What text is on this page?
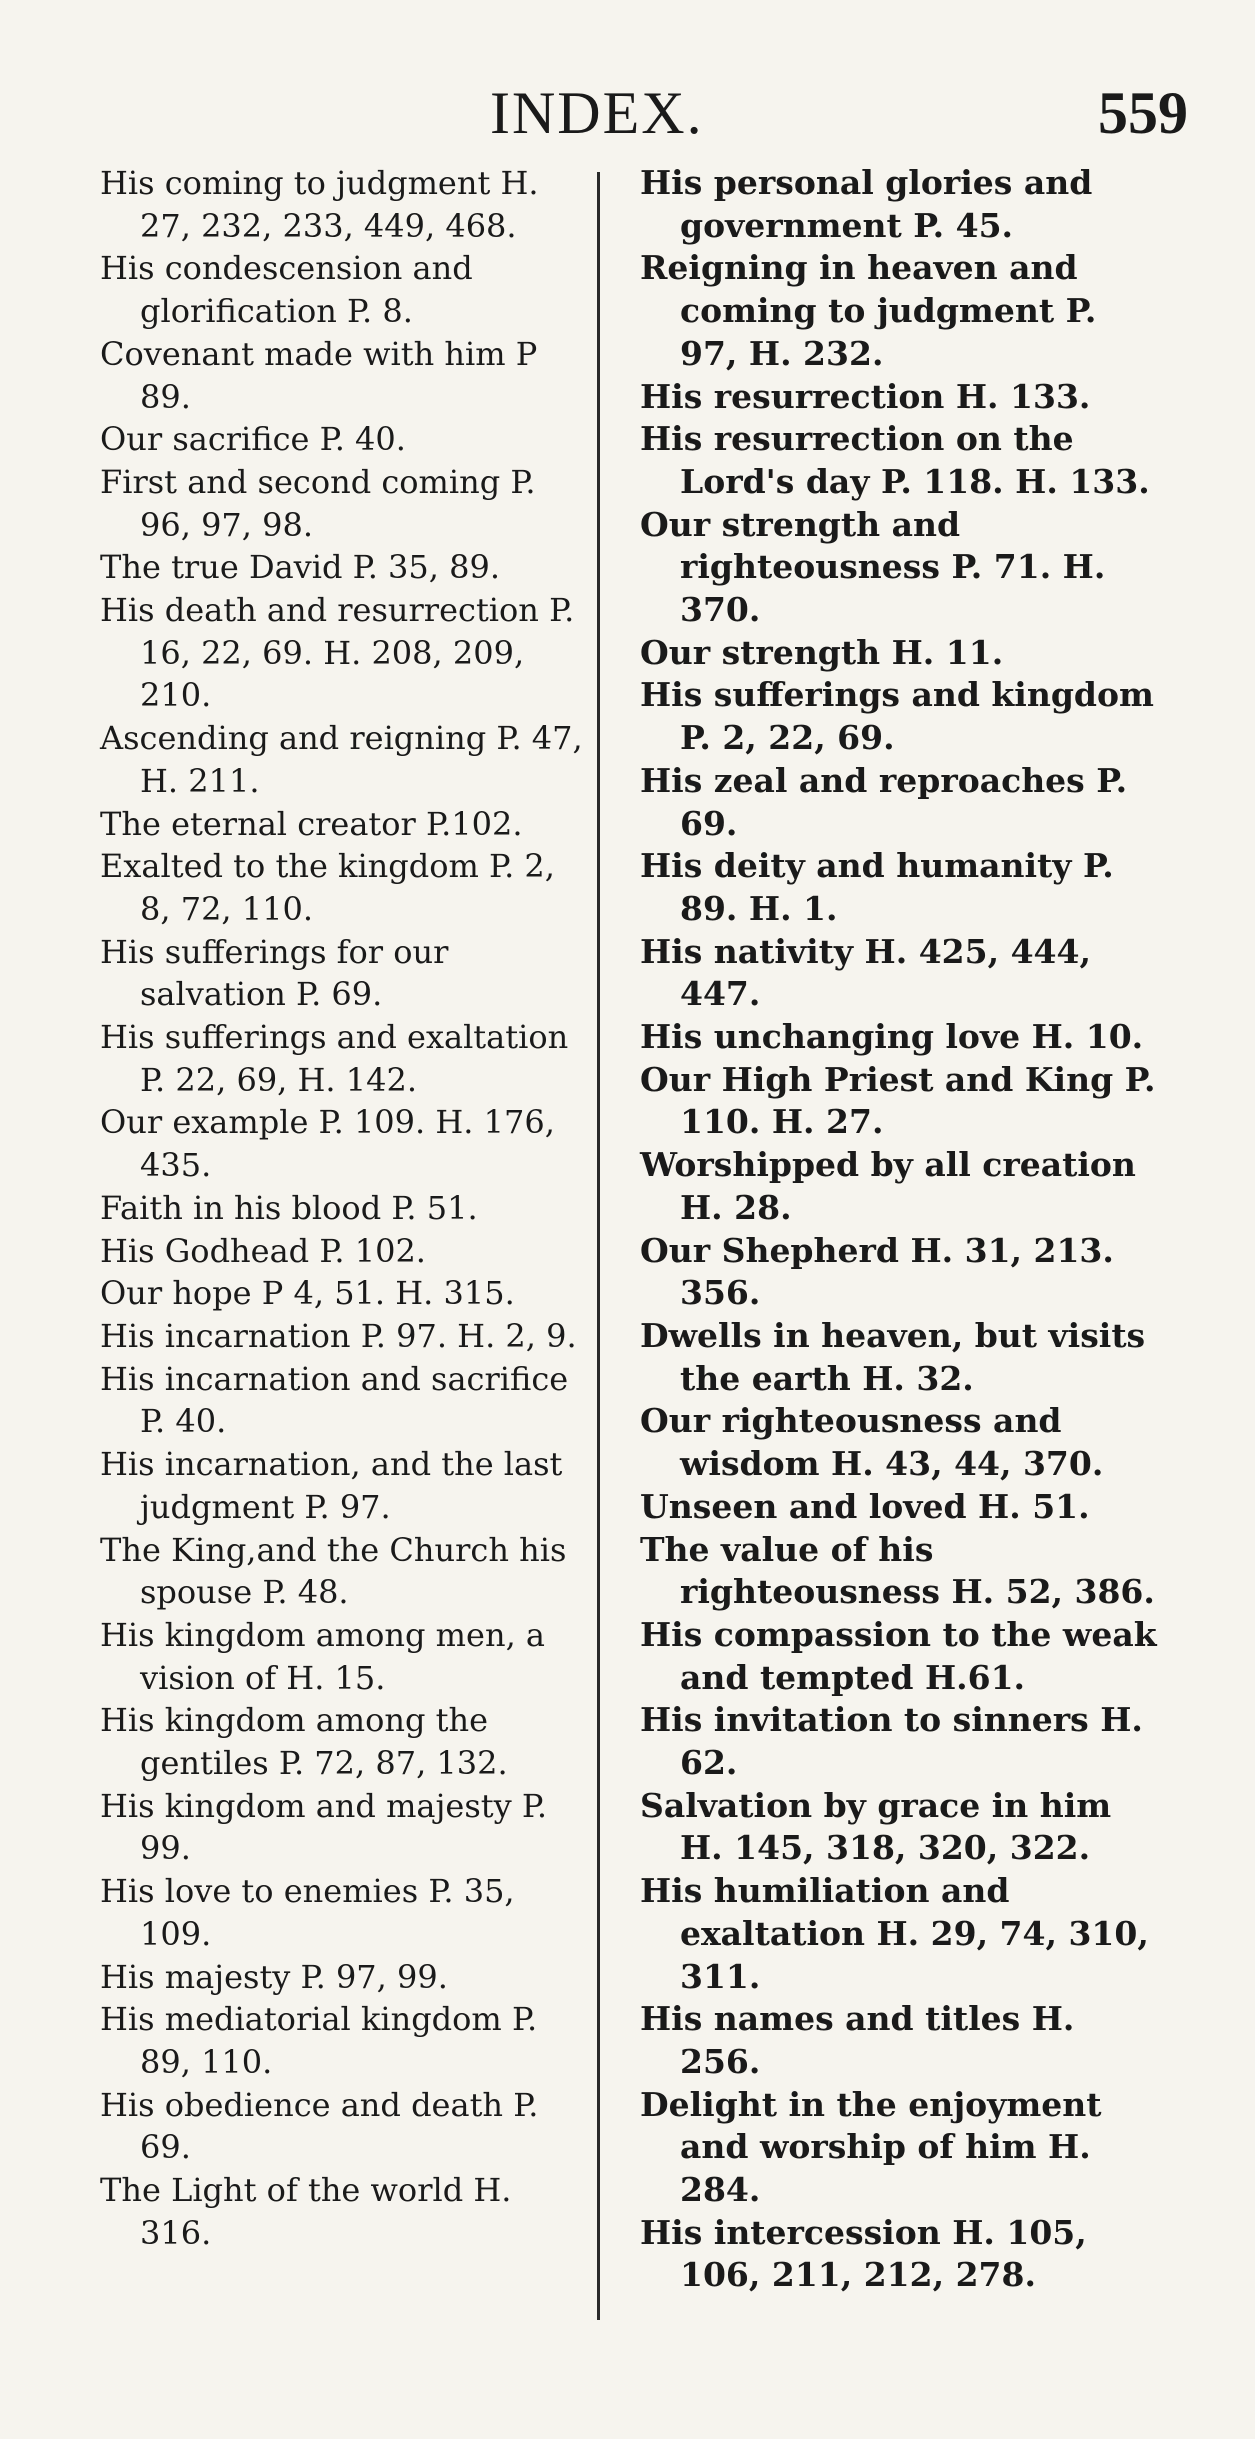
INDEX.	559

His coming to judgment H. 27, 232, 233, 449, 468.

His condescension and glorification P. 8.

Covenant made with him P 89.

Our sacrifice P. 40.

First and second coming P. 96, 97, 98.

The true David P. 35, 89.

His death and resurrection P. 16, 22, 69. H. 208, 209, 210.

Ascending and reigning P. 47, H. 211.

The eternal creator P.102.

Exalted to the kingdom P. 2, 8, 72, 110.

His sufferings for our salvation P. 69.

His sufferings and exaltation P. 22, 69, H. 142.

Our example P. 109. H. 176, 435.

Faith in his blood P. 51.

His Godhead P. 102.

Our hope P 4, 51. H. 315.

His incarnation P. 97. H. 2, 9.

His incarnation and sacrifice P. 40.

His incarnation, and the last judgment P. 97.

The King,and the Church his spouse P. 48.

His kingdom among men, a vision of H. 15.

His kingdom among the gentiles P. 72, 87, 132.

His kingdom and majesty P. 99.

His love to enemies P. 35, 109.

His majesty P. 97, 99.

His mediatorial kingdom P. 89, 110.

His obedience and death P. 69.

The Light of the world H. 316.

His personal glories and government P. 45.

Reigning in heaven and coming to judgment P. 97, H. 232.

His resurrection H. 133.

His resurrection on the Lord's day P. 118. H. 133.

Our strength and righteousness P. 71. H. 370.

Our strength H. 11.

His sufferings and kingdom P. 2, 22, 69.

His zeal and reproaches P. 69.

His deity and humanity P. 89. H. 1.

His nativity H. 425, 444, 447.

His unchanging love H. 10.

Our High Priest and King P. 110. H. 27.

Worshipped by all creation H. 28.

Our Shepherd H. 31, 213. 356.

Dwells in heaven, but visits the earth H. 32.

Our righteousness and wisdom H. 43, 44, 370.

Unseen and loved H. 51.

The value of his righteousness H. 52, 386.

His compassion to the weak and tempted H.61.

His invitation to sinners H. 62.

Salvation by grace in him H. 145, 318, 320, 322.

His humiliation and exaltation H. 29, 74, 310, 311.

His names and titles H. 256.

Delight in the enjoyment and worship of him H. 284.

His intercession H. 105, 106, 211, 212, 278.
